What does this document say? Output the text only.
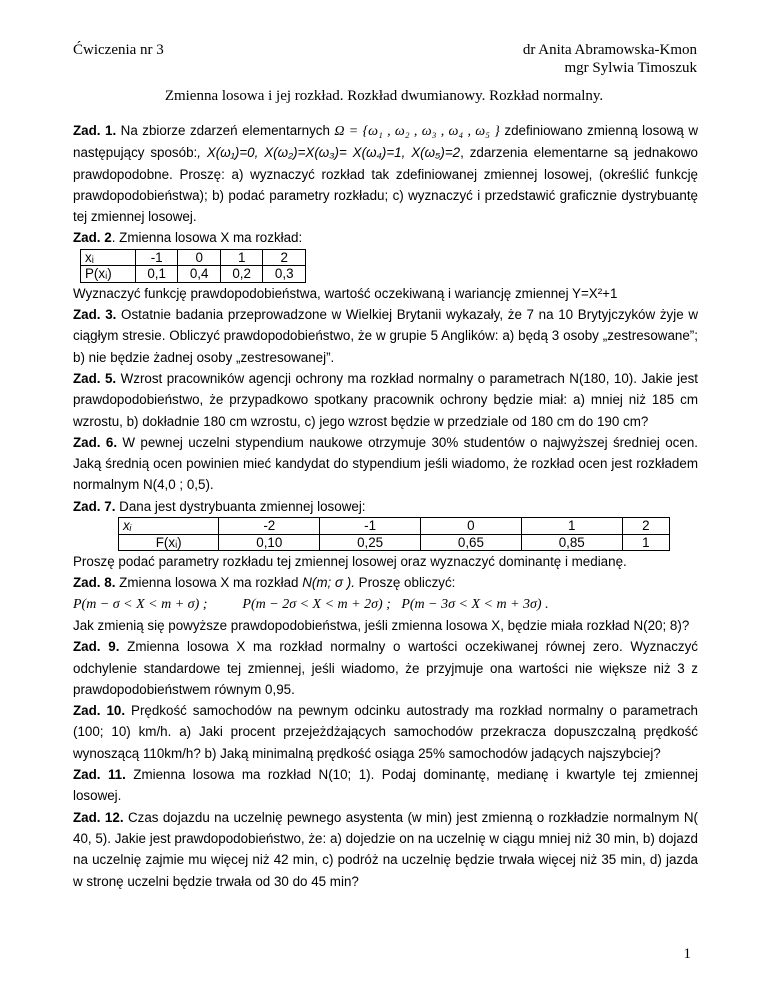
Ćwiczenia nr 3	dr Anita Abramowska-Kmon
mgr Sylwia Timoszuk
Zmienna losowa i jej rozkład. Rozkład dwumianowy. Rozkład normalny.

Zad. 1. Na zbiorze zdarzeń elementarnych Ω = {ω₁ , ω₂ , ω₃ , ω₄ , ω₅ } zdefiniowano zmienną losową w następujący sposób:, X(ω₁)=0, X(ω₂)=X(ω₃)= X(ω₄)=1, X(ω₅)=2, zdarzenia elementarne są jednakowo prawdopodobne. Proszę: a) wyznaczyć rozkład tak zdefiniowanej zmiennej losowej, (określić funkcję prawdopodobieństwa); b) podać parametry rozkładu; c) wyznaczyć i przedstawić graficznie dystrybuantę tej zmiennej losowej.

Zad. 2. Zmienna losowa X ma rozkład:

xᵢ	-1	0	1	2
P(xᵢ)	0,1	0,4	0,2	0,3

Wyznaczyć funkcję prawdopodobieństwa, wartość oczekiwaną i wariancję zmiennej Y=X²+1

Zad. 3. Ostatnie badania przeprowadzone w Wielkiej Brytanii wykazały, że 7 na 10 Brytyjczyków żyje w ciągłym stresie. Obliczyć prawdopodobieństwo, że w grupie 5 Anglików: a) będą 3 osoby „zestresowane”; b) nie będzie żadnej osoby „zestresowanej”.

Zad. 5. Wzrost pracowników agencji ochrony ma rozkład normalny o parametrach N(180, 10). Jakie jest prawdopodobieństwo, że przypadkowo spotkany pracownik ochrony będzie miał: a) mniej niż 185 cm wzrostu, b) dokładnie 180 cm wzrostu, c) jego wzrost będzie w przedziale od 180 cm do 190 cm?

Zad. 6. W pewnej uczelni stypendium naukowe otrzymuje 30% studentów o najwyższej średniej ocen. Jaką średnią ocen powinien mieć kandydat do stypendium jeśli wiadomo, że rozkład ocen jest rozkładem normalnym N(4,0 ; 0,5).

Zad. 7. Dana jest dystrybuanta zmiennej losowej:

xᵢ	-2	-1	0	1	2
F(xᵢ)	0,10	0,25	0,65	0,85	1

Proszę podać parametry rozkładu tej zmiennej losowej oraz wyznaczyć dominantę i medianę.

Zad. 8. Zmienna losowa X ma rozkład N(m; σ ). Proszę obliczyć:

P(m − σ < X < m + σ) ;	P(m − 2σ < X < m + 2σ) ; P(m − 3σ < X < m + 3σ) .

Jak zmienią się powyższe prawdopodobieństwa, jeśli zmienna losowa X, będzie miała rozkład N(20; 8)?

Zad. 9. Zmienna losowa X ma rozkład normalny o wartości oczekiwanej równej zero. Wyznaczyć odchylenie standardowe tej zmiennej, jeśli wiadomo, że przyjmuje ona wartości nie większe niż 3 z prawdopodobieństwem równym 0,95.

Zad. 10. Prędkość samochodów na pewnym odcinku autostrady ma rozkład normalny o parametrach (100; 10) km/h. a) Jaki procent przejeżdżających samochodów przekracza dopuszczalną prędkość wynoszącą 110km/h? b) Jaką minimalną prędkość osiąga 25% samochodów jadących najszybciej?

Zad. 11. Zmienna losowa ma rozkład N(10; 1). Podaj dominantę, medianę i kwartyle tej zmiennej losowej.

Zad. 12. Czas dojazdu na uczelnię pewnego asystenta (w min) jest zmienną o rozkładzie normalnym N( 40, 5). Jakie jest prawdopodobieństwo, że: a) dojedzie on na uczelnię w ciągu mniej niż 30 min, b) dojazd na uczelnię zajmie mu więcej niż 42 min, c) podróż na uczelnię będzie trwała więcej niż 35 min, d) jazda w stronę uczelni będzie trwała od 30 do 45 min?

1
